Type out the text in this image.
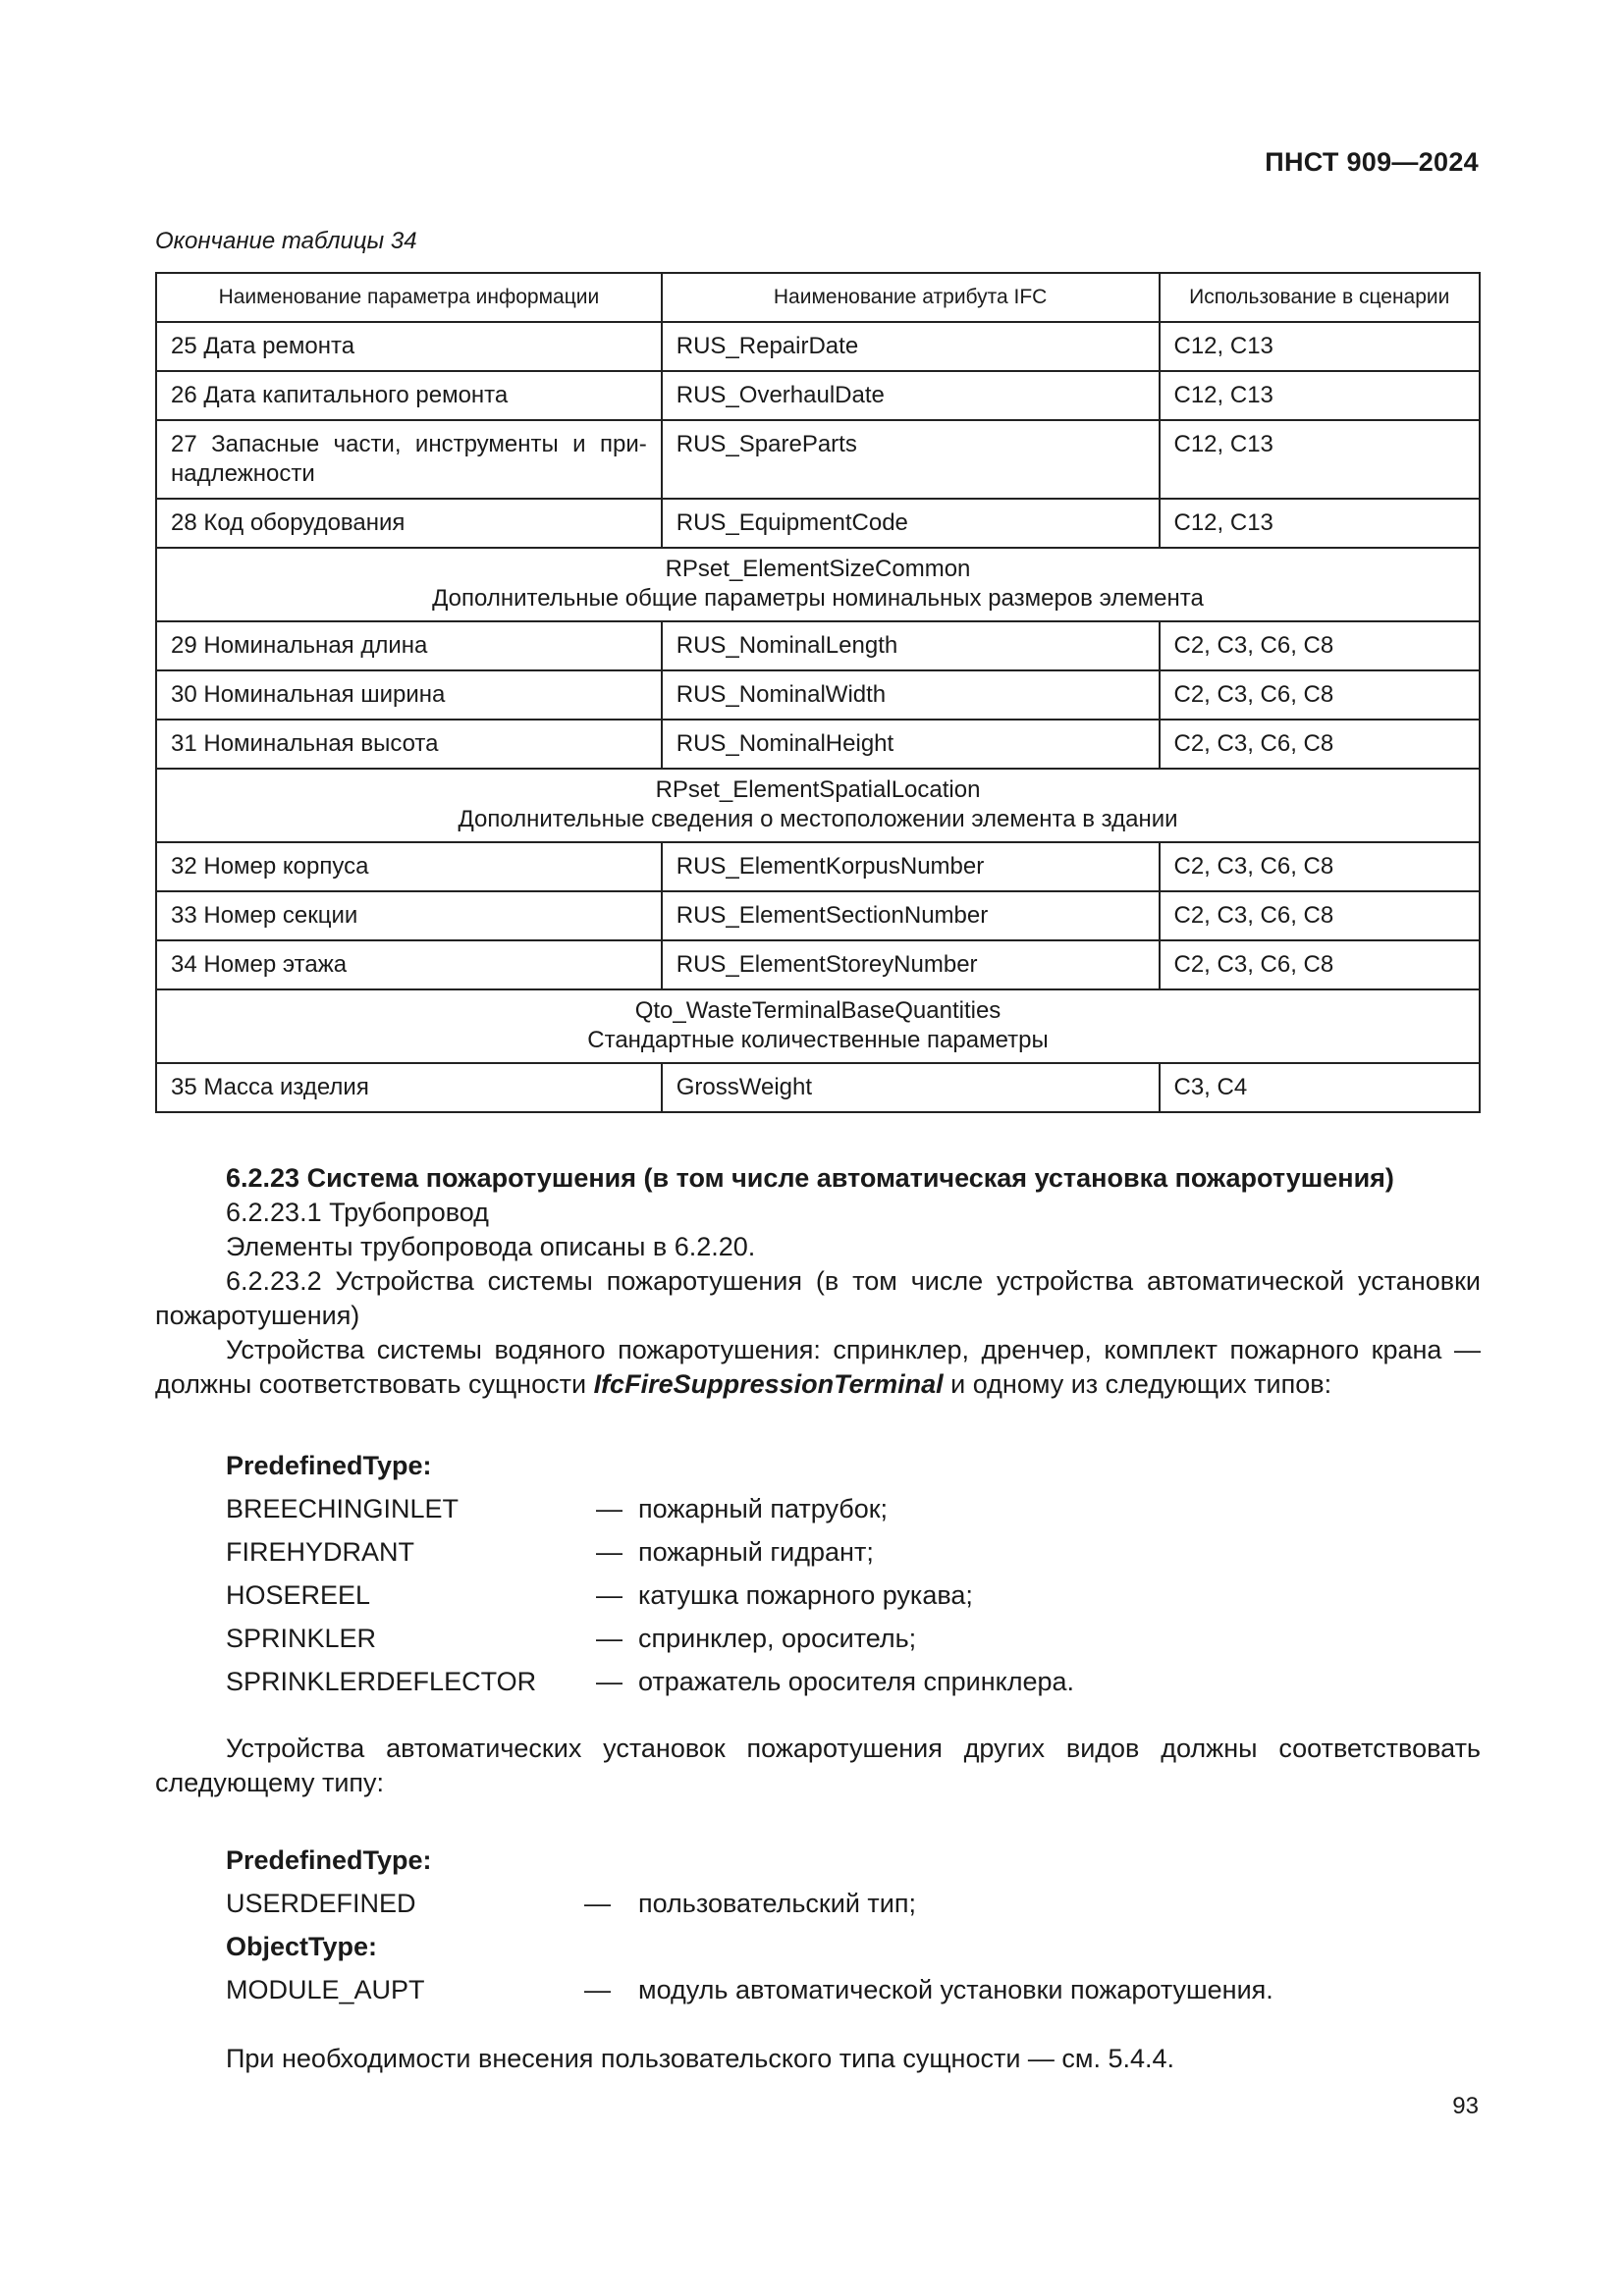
ПНСТ 909—2024
Окончание таблицы 34
Наименование параметра информации	Наименование атрибута IFC	Использование в сценарии
25 Дата ремонта	RUS_RepairDate	C12, C13
26 Дата капитального ремонта	RUS_OverhaulDate	C12, C13

27 Запасные части, инструменты и при-
надлежности	RUS_SpareParts	C12, C13
28 Код оборудования	RUS_EquipmentCode	C12, C13

RPset_ElementSizeCommon
Дополнительные общие параметры номинальных размеров элемента		

29 Номинальная длина	RUS_NominalLength	C2, C3, C6, C8
30 Номинальная ширина	RUS_NominalWidth	C2, C3, C6, C8
31 Номинальная высота	RUS_NominalHeight	C2, C3, C6, C8

RPset_ElementSpatialLocation
Дополнительные сведения о местоположении элемента в здании		

32 Номер корпуса	RUS_ElementKorpusNumber	C2, C3, C6, C8
33 Номер секции	RUS_ElementSectionNumber	C2, C3, C6, C8
34 Номер этажа	RUS_ElementStoreyNumber	C2, C3, C6, C8

Qto_WasteTerminalBaseQuantities
Стандартные количественные параметры		

35 Масса изделия	GrossWeight	C3, C4

6.2.23 Система пожаротушения (в том числе автоматическая установка пожаротушения)

6.2.23.1 Трубопровод

Элементы трубопровода описаны в 6.2.20.

6.2.23.2 Устройства системы пожаротушения (в том числе устройства автоматической установки пожаротушения)

Устройства системы водяного пожаротушения: спринклер, дренчер, комплект пожарного крана — должны соответствовать сущности IfcFireSuppressionTerminal и одному из следующих типов:

PredefinedType:
BREECHINGINLET	— пожарный патрубок;
FIREHYDRANT	— пожарный гидрант;
HOSEREEL	— катушка пожарного рукава;
SPRINKLER	— спринклер, ороситель;
SPRINKLERDEFLECTOR — отражатель оросителя спринклера.

Устройства автоматических установок пожаротушения других видов должны соответствовать следующему типу:

PredefinedType:
USERDEFINED	— пользовательский тип;
ObjectType:
MODULE_AUPT	— модуль автоматической установки пожаротушения.

При необходимости внесения пользовательского типа сущности — см. 5.4.4.

93
